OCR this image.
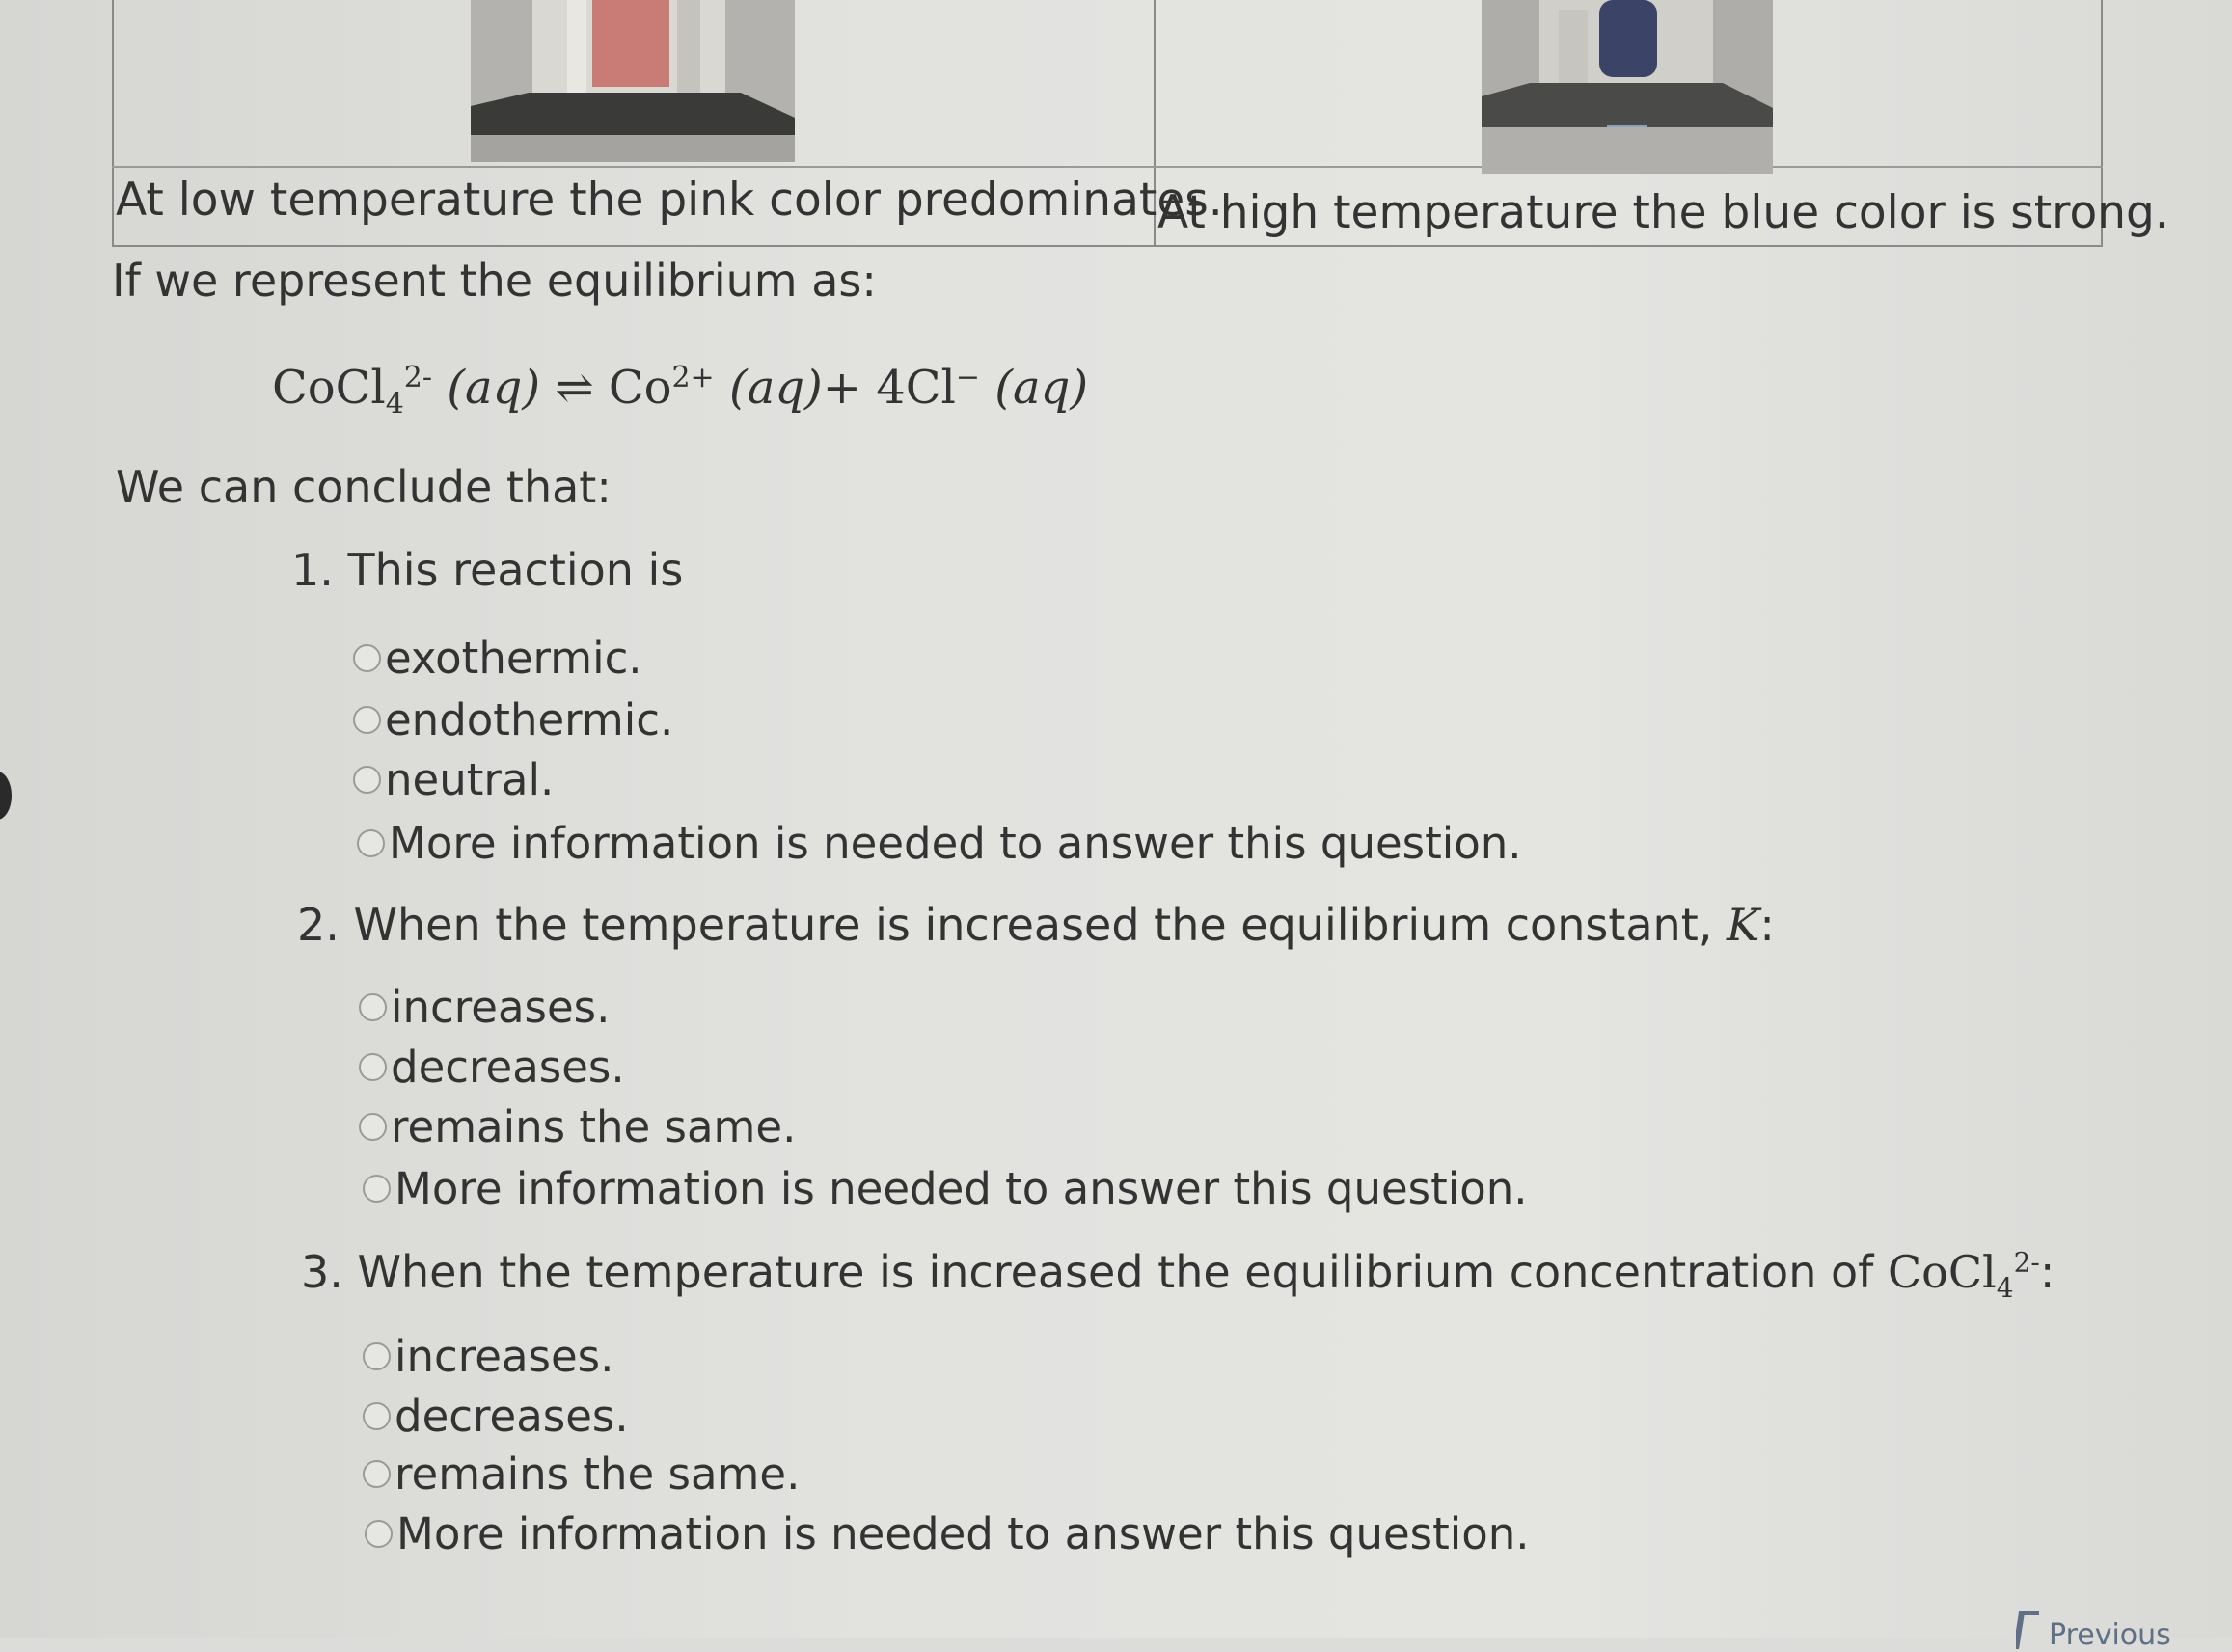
At low temperature the pink color predominates.
At high temperature the blue color is strong.
If we represent the equilibrium as:
CoCl$_4^{2-}$ (aq) ⇌ $Co^{2+}$ (aq)+ 4Cl− (aq)
We can conclude that:
1. This reaction is
exothermic.
endothermic.
neutral.
More information is needed to answer this question.
2. When the temperature is increased the equilibrium constant, K:
increases.
decreases.
remains the same.
More information is needed to answer this question.
3. When the temperature is increased the equilibrium concentration of CoCl$_4^{2-}$:
increases.
decreases.
remains the same.
More information is needed to answer this question.
Previous
